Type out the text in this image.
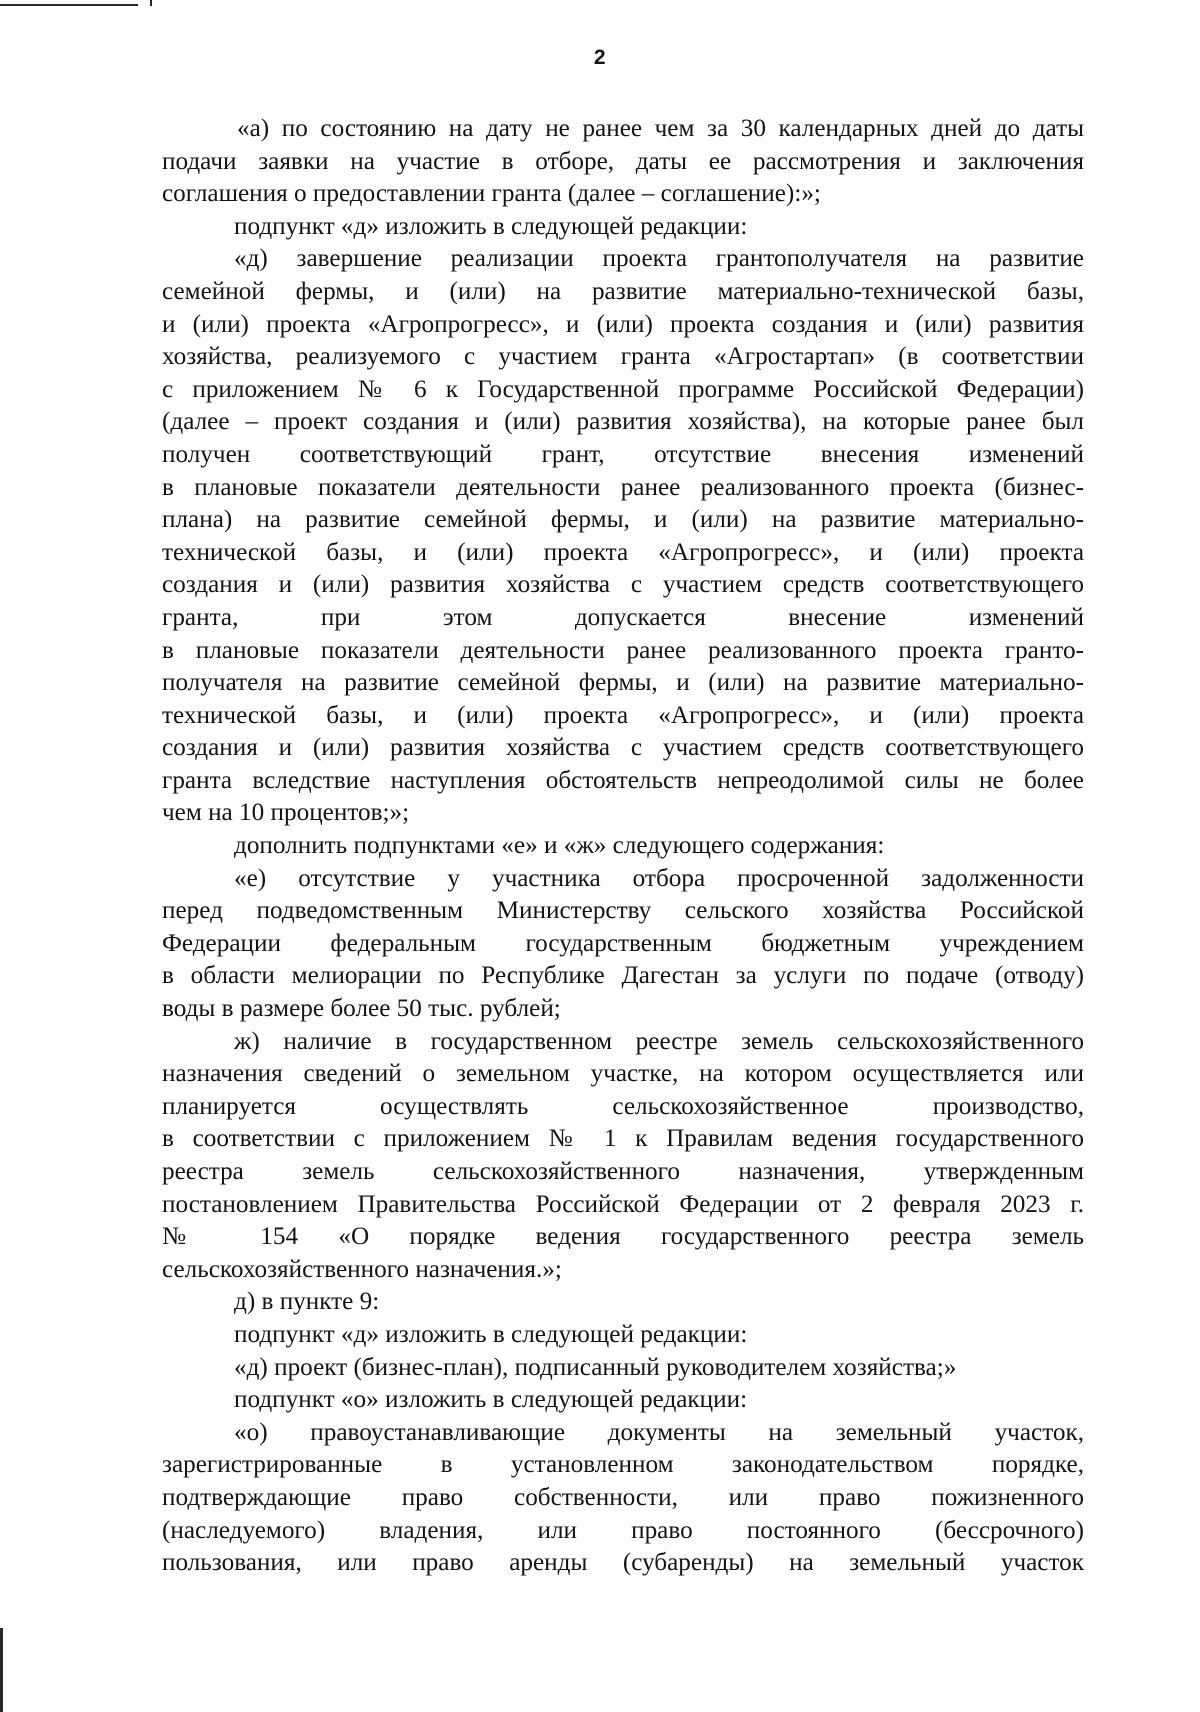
2
«а) по состоянию на дату не ранее чем за 30 календарных дней до даты
подачи заявки на участие в отборе, даты ее рассмотрения и заключения
соглашения о предоставлении гранта (далее – соглашение):»;
подпункт «д» изложить в следующей редакции:
«д) завершение реализации проекта грантополучателя на развитие
семейной фермы, и (или) на развитие материально-технической базы,
и (или) проекта «Агропрогресс», и (или) проекта создания и (или) развития
хозяйства, реализуемого с участием гранта «Агростартап» (в соответствии
с приложением № 6 к Государственной программе Российской Федерации)
(далее – проект создания и (или) развития хозяйства), на которые ранее был
получен соответствующий грант, отсутствие внесения изменений
в плановые показатели деятельности ранее реализованного проекта (бизнес-
плана) на развитие семейной фермы, и (или) на развитие материально-
технической базы, и (или) проекта «Агропрогресс», и (или) проекта
создания и (или) развития хозяйства с участием средств соответствующего
гранта, при этом допускается внесение изменений
в плановые показатели деятельности ранее реализованного проекта гранто-
получателя на развитие семейной фермы, и (или) на развитие материально-
технической базы, и (или) проекта «Агропрогресс», и (или) проекта
создания и (или) развития хозяйства с участием средств соответствующего
гранта вследствие наступления обстоятельств непреодолимой силы не более
чем на 10 процентов;»;
дополнить подпунктами «е» и «ж» следующего содержания:
«е) отсутствие у участника отбора просроченной задолженности
перед подведомственным Министерству сельского хозяйства Российской
Федерации федеральным государственным бюджетным учреждением
в области мелиорации по Республике Дагестан за услуги по подаче (отводу)
воды в размере более 50 тыс. рублей;
ж) наличие в государственном реестре земель сельскохозяйственного
назначения сведений о земельном участке, на котором осуществляется или
планируется осуществлять сельскохозяйственное производство,
в соответствии с приложением № 1 к Правилам ведения государственного
реестра земель сельскохозяйственного назначения, утвержденным
постановлением Правительства Российской Федерации от 2 февраля 2023 г.
№ 154 «О порядке ведения государственного реестра земель
сельскохозяйственного назначения.»;
д) в пункте 9:
подпункт «д» изложить в следующей редакции:
«д) проект (бизнес-план), подписанный руководителем хозяйства;»
подпункт «о» изложить в следующей редакции:
«о) правоустанавливающие документы на земельный участок,
зарегистрированные в установленном законодательством порядке,
подтверждающие право собственности, или право пожизненного
(наследуемого) владения, или право постоянного (бессрочного)
пользования, или право аренды (субаренды) на земельный участок
